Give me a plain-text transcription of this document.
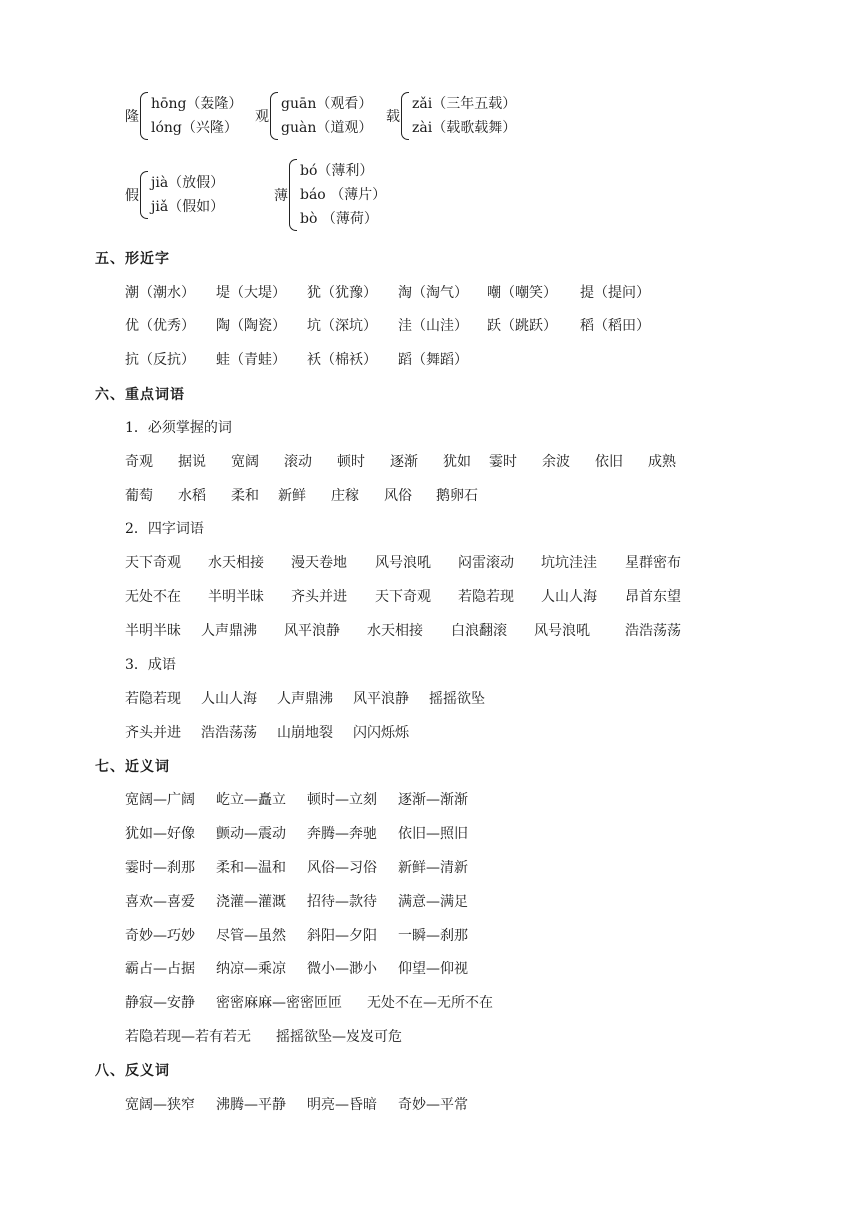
隆
hōng（轰隆）
lóng（兴隆）
观
guān（观看）
guàn（道观）
载
zǎi（三年五载）
zài（载歌载舞）
假
jià（放假）
jiǎ（假如）
薄
bó（薄利）
báo （薄片）
bò （薄荷）
五、形近字
潮（潮水） 堤（大堤） 犹（犹豫） 淘（淘气） 嘲（嘲笑） 提（提问）
优（优秀） 陶（陶瓷） 坑（深坑） 洼（山洼） 跃（跳跃） 稻（稻田）
抗（反抗） 蛙（青蛙） 袄（棉袄） 蹈（舞蹈）
六、重点词语
1．必须掌握的词
奇观 据说 宽阔 滚动 顿时 逐渐 犹如 霎时 余波 依旧 成熟
葡萄 水稻 柔和 新鲜 庄稼 风俗 鹅卵石
2．四字词语
天下奇观 水天相接 漫天卷地 风号浪吼 闷雷滚动 坑坑洼洼 星群密布
无处不在 半明半昧 齐头并进 天下奇观 若隐若现 人山人海 昂首东望
半明半昧 人声鼎沸 风平浪静 水天相接 白浪翻滚 风号浪吼	浩浩荡荡
3．成语
若隐若现 人山人海 人声鼎沸 风平浪静 摇摇欲坠
齐头并进 浩浩荡荡 山崩地裂 闪闪烁烁
七、近义词
宽阔—广阔 屹立—矗立 顿时—立刻 逐渐—渐渐
犹如—好像 颤动—震动 奔腾—奔驰 依旧—照旧
霎时—刹那 柔和—温和 风俗—习俗 新鲜—清新
喜欢—喜爱 浇灌—灌溉 招待—款待 满意—满足
奇妙—巧妙 尽管—虽然 斜阳—夕阳 一瞬—刹那
霸占—占据 纳凉—乘凉 微小—渺小 仰望—仰视
静寂—安静 密密麻麻—密密匝匝 无处不在—无所不在
若隐若现—若有若无 摇摇欲坠—岌岌可危
八、反义词
宽阔—狭窄 沸腾—平静 明亮—昏暗 奇妙—平常
